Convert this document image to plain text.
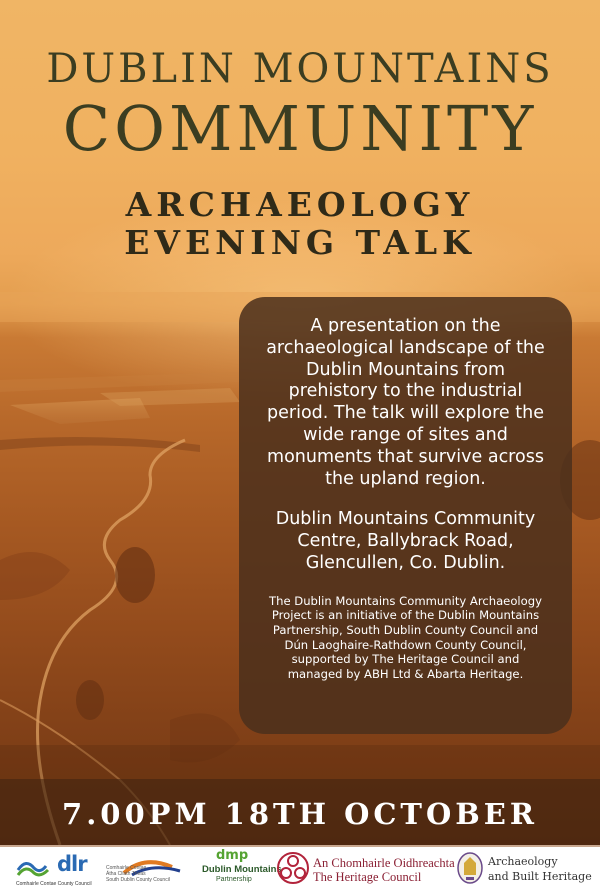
DUBLIN MOUNTAINS
COMMUNITY
ARCHAEOLOGY
EVENING TALK

A presentation on the
archaeological landscape of the
Dublin Mountains from
prehistory to the industrial
period. The talk will explore the
wide range of sites and
monuments that survive across
the upland region.

Dublin Mountains Community
Centre, Ballybrack Road,
Glencullen, Co. Dublin.

The Dublin Mountains Community Archaeology
Project is an initiative of the Dublin Mountains
Partnership, South Dublin County Council and
Dún Laoghaire-Rathdown County Council,
supported by The Heritage Council and
managed by ABH Ltd & Abarta Heritage.

7.00PM 18TH OCTOBER
dlr
Comhairle Contae County Council
Comhairle Contae
Átha Cliath Theas
South Dublin County Council
dmp
Dublin Mountains
Partnership
An Chomhairle Oidhreachta
The Heritage Council
Archaeology
and Built Heritage
